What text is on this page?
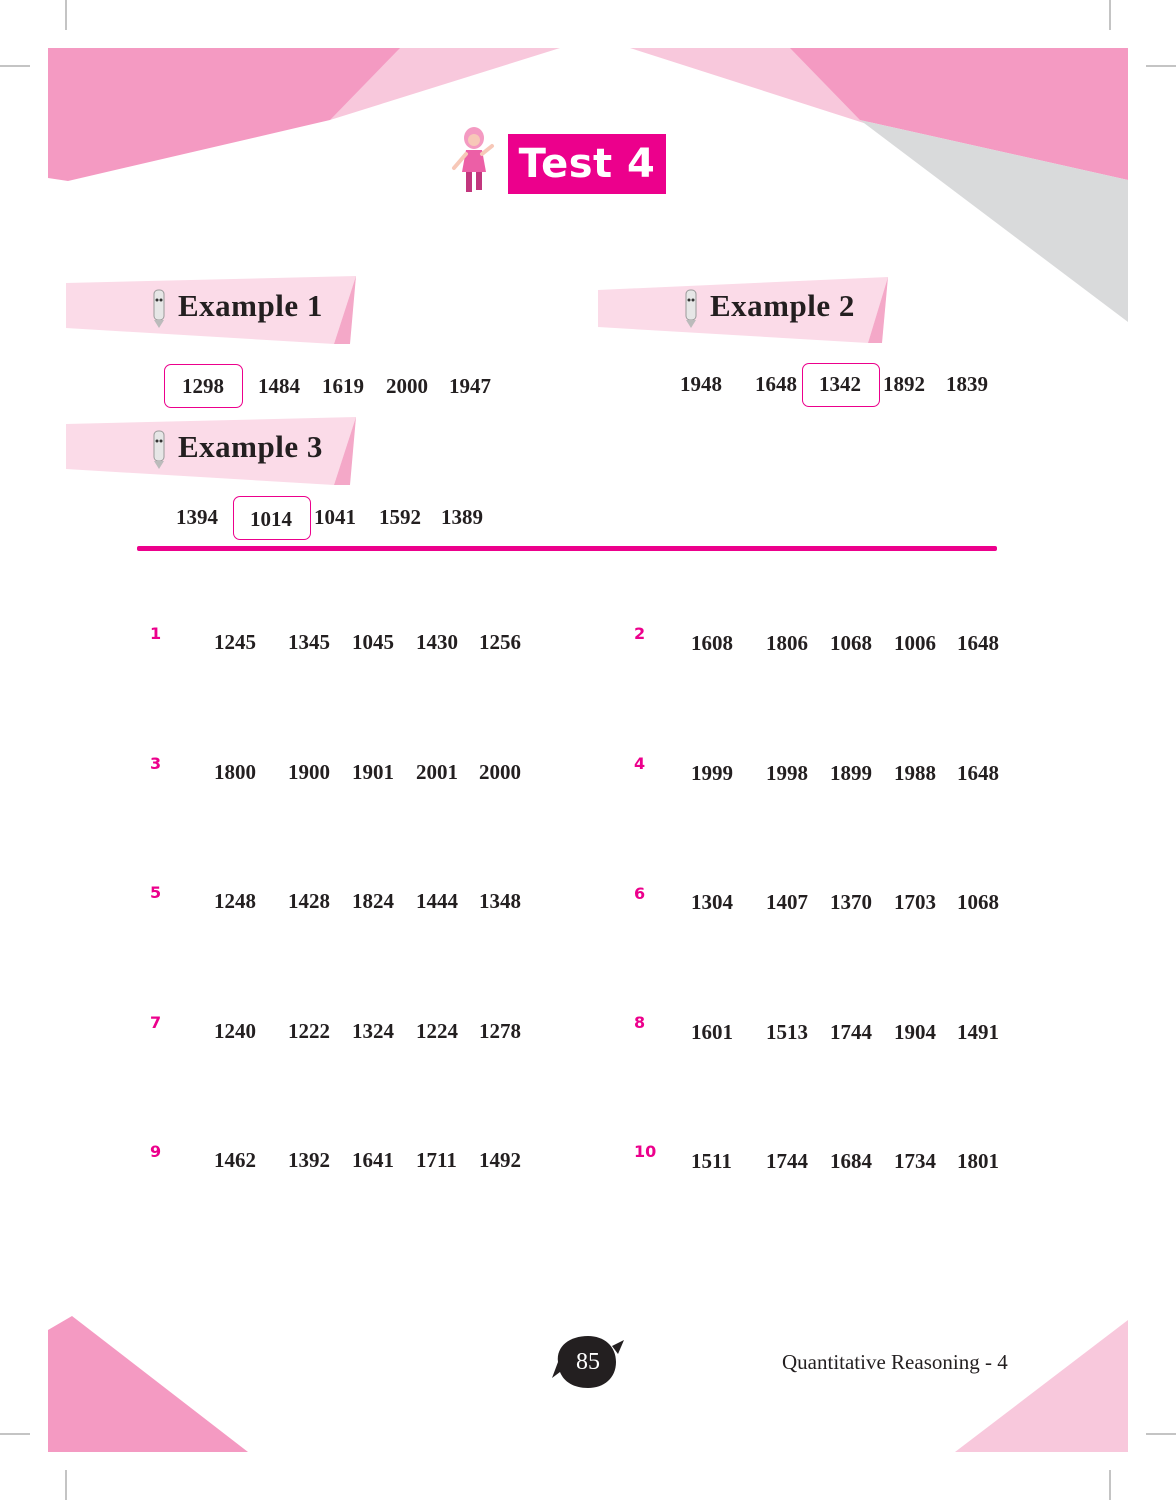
Test 4
Example 1
1298 1484 1619 2000 1947
Example 2
1948 1648 1342 1892 1839
Example 3
1394 1014 1041 1592 1389
1	1245 1345 1045 1430 1256
3	1800 1900 1901 2001 2000
5	1248 1428 1824 1444 1348
7	1240 1222 1324 1224 1278
9	1462 1392 1641 1711 1492
2 1608 1806 1068 1006 1648
4 1999 1998 1899 1988 1648
6 1304 1407 1370 1703 1068
8 1601 1513 1744 1904 1491
10 1511 1744 1684 1734 1801
85	Quantitative Reasoning - 4
